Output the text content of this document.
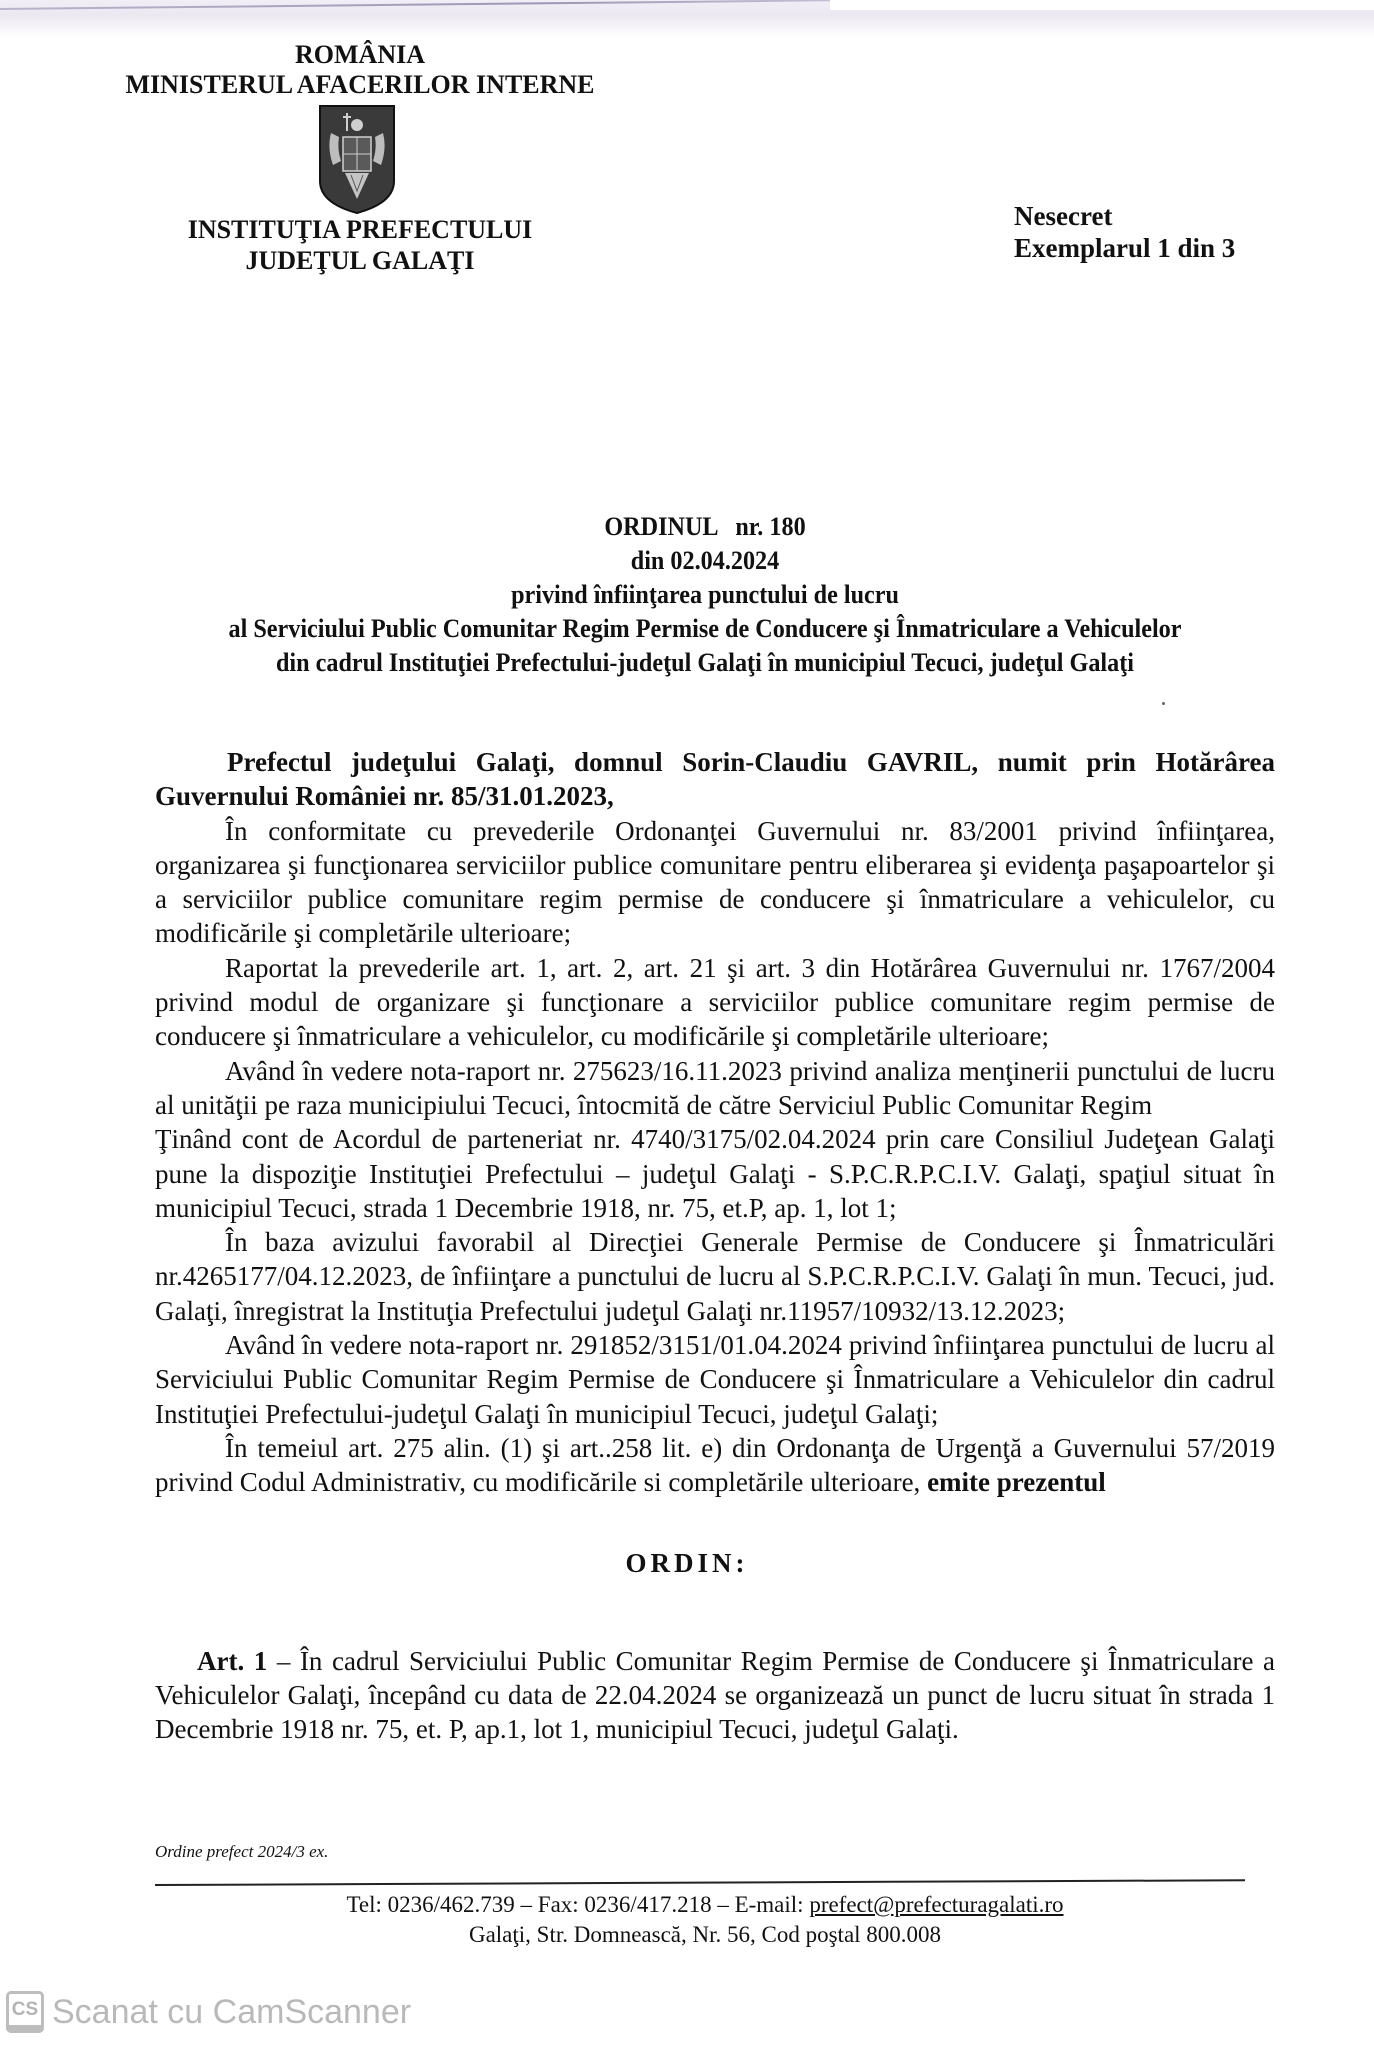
ROMÂNIA
MINISTERUL AFACERILOR INTERNE
INSTITUŢIA PREFECTULUI
JUDEŢUL GALAŢI
Nesecret
Exemplarul 1 din 3
ORDINUL   nr. 180
din 02.04.2024
privind înfiinţarea punctului de lucru
al Serviciului Public Comunitar Regim Permise de Conducere şi Înmatriculare a Vehiculelor
din cadrul Instituţiei Prefectului-judeţul Galaţi în municipiul Tecuci, judeţul Galaţi

Prefectul judeţului Galaţi, domnul Sorin-Claudiu GAVRIL, numit prin Hotărârea Guvernului României nr. 85/31.01.2023,

În conformitate cu prevederile Ordonanţei Guvernului nr. 83/2001 privind înfiinţarea, organizarea şi funcţionarea serviciilor publice comunitare pentru eliberarea şi evidenţa paşapoartelor şi a serviciilor publice comunitare regim permise de conducere şi înmatriculare a vehiculelor, cu modificările şi completările ulterioare;

Raportat la prevederile art. 1, art. 2, art. 21 şi art. 3 din Hotărârea Guvernului nr. 1767/2004 privind modul de organizare şi funcţionare a serviciilor publice comunitare regim permise de conducere şi înmatriculare a vehiculelor, cu modificările şi completările ulterioare;

Având în vedere nota-raport nr. 275623/16.11.2023 privind analiza menţinerii punctului de lucru al unităţii pe raza municipiului Tecuci, întocmită de către Serviciul Public Comunitar Regim

Ţinând cont de Acordul de parteneriat nr. 4740/3175/02.04.2024 prin care Consiliul Judeţean Galaţi pune la dispoziţie Instituţiei Prefectului – judeţul Galaţi - S.P.C.R.P.C.I.V. Galaţi, spaţiul situat în municipiul Tecuci, strada 1 Decembrie 1918, nr. 75, et.P, ap. 1, lot 1;

În baza avizului favorabil al Direcţiei Generale Permise de Conducere şi Înmatriculări nr.4265177/04.12.2023, de înfiinţare a punctului de lucru al S.P.C.R.P.C.I.V. Galaţi în mun. Tecuci, jud. Galaţi, înregistrat la Instituţia Prefectului judeţul Galaţi nr.11957/10932/13.12.2023;

Având în vedere nota-raport nr. 291852/3151/01.04.2024 privind înfiinţarea punctului de lucru al Serviciului Public Comunitar Regim Permise de Conducere şi Înmatriculare a Vehiculelor din cadrul Instituţiei Prefectului-judeţul Galaţi în municipiul Tecuci, judeţul Galaţi;

În temeiul art. 275 alin. (1) şi art..258 lit. e) din Ordonanţa de Urgenţă a Guvernului 57/2019 privind Codul Administrativ, cu modificările si completările ulterioare, emite prezentul

ORDIN:

Art. 1 – În cadrul Serviciului Public Comunitar Regim Permise de Conducere şi Înmatriculare a Vehiculelor Galaţi, începând cu data de 22.04.2024 se organizează un punct de lucru situat în strada 1 Decembrie 1918 nr. 75, et. P, ap.1, lot 1, municipiul Tecuci, judeţul Galaţi.

Ordine prefect 2024/3 ex.
Tel: 0236/462.739 – Fax: 0236/417.218 – E-mail: prefect@prefecturagalati.ro
Galaţi, Str. Domnească, Nr. 56, Cod poştal 800.008
CS Scanat cu CamScanner
